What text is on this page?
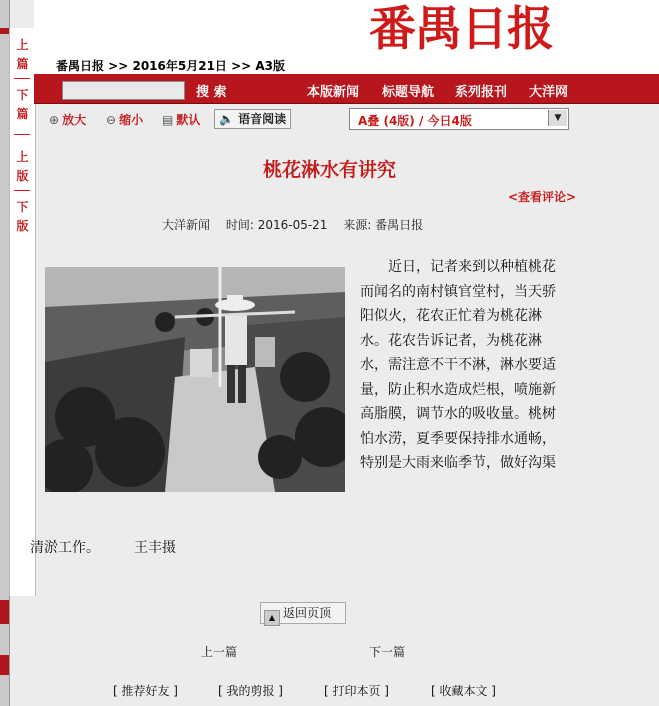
上
篇
下
篇
上
版
下
版
番禺日报
番禺日报 >> 2016年5月21日 >> A3版
搜 索	本版新闻 标题导航 系列报刊 大洋网
⊕ 放大 ⊖ 缩小 ▤ 默认	🔈 语音阅读	A叠 (4版) / 今日4版	▼
桃花淋水有讲究
<查看评论>
大洋新闻 时间: 2016-05-21 来源: 番禺日报
　　近日，记者来到以种植桃花而闻名的南村镇官堂村，当天骄阳似火，花农正忙着为桃花淋水。花农告诉记者，为桃花淋水，需注意不干不淋，淋水要适量，防止积水造成烂根，喷施新高脂膜，调节水的吸收量。桃树怕水涝，夏季要保持排水通畅，特别是大雨来临季节，做好沟渠
清淤工作。 王丰摄
▲ 返回页顶
上一篇	下一篇
[ 推荐好友 ]	[ 我的剪报 ]	[ 打印本页 ]	[ 收藏本文 ]
